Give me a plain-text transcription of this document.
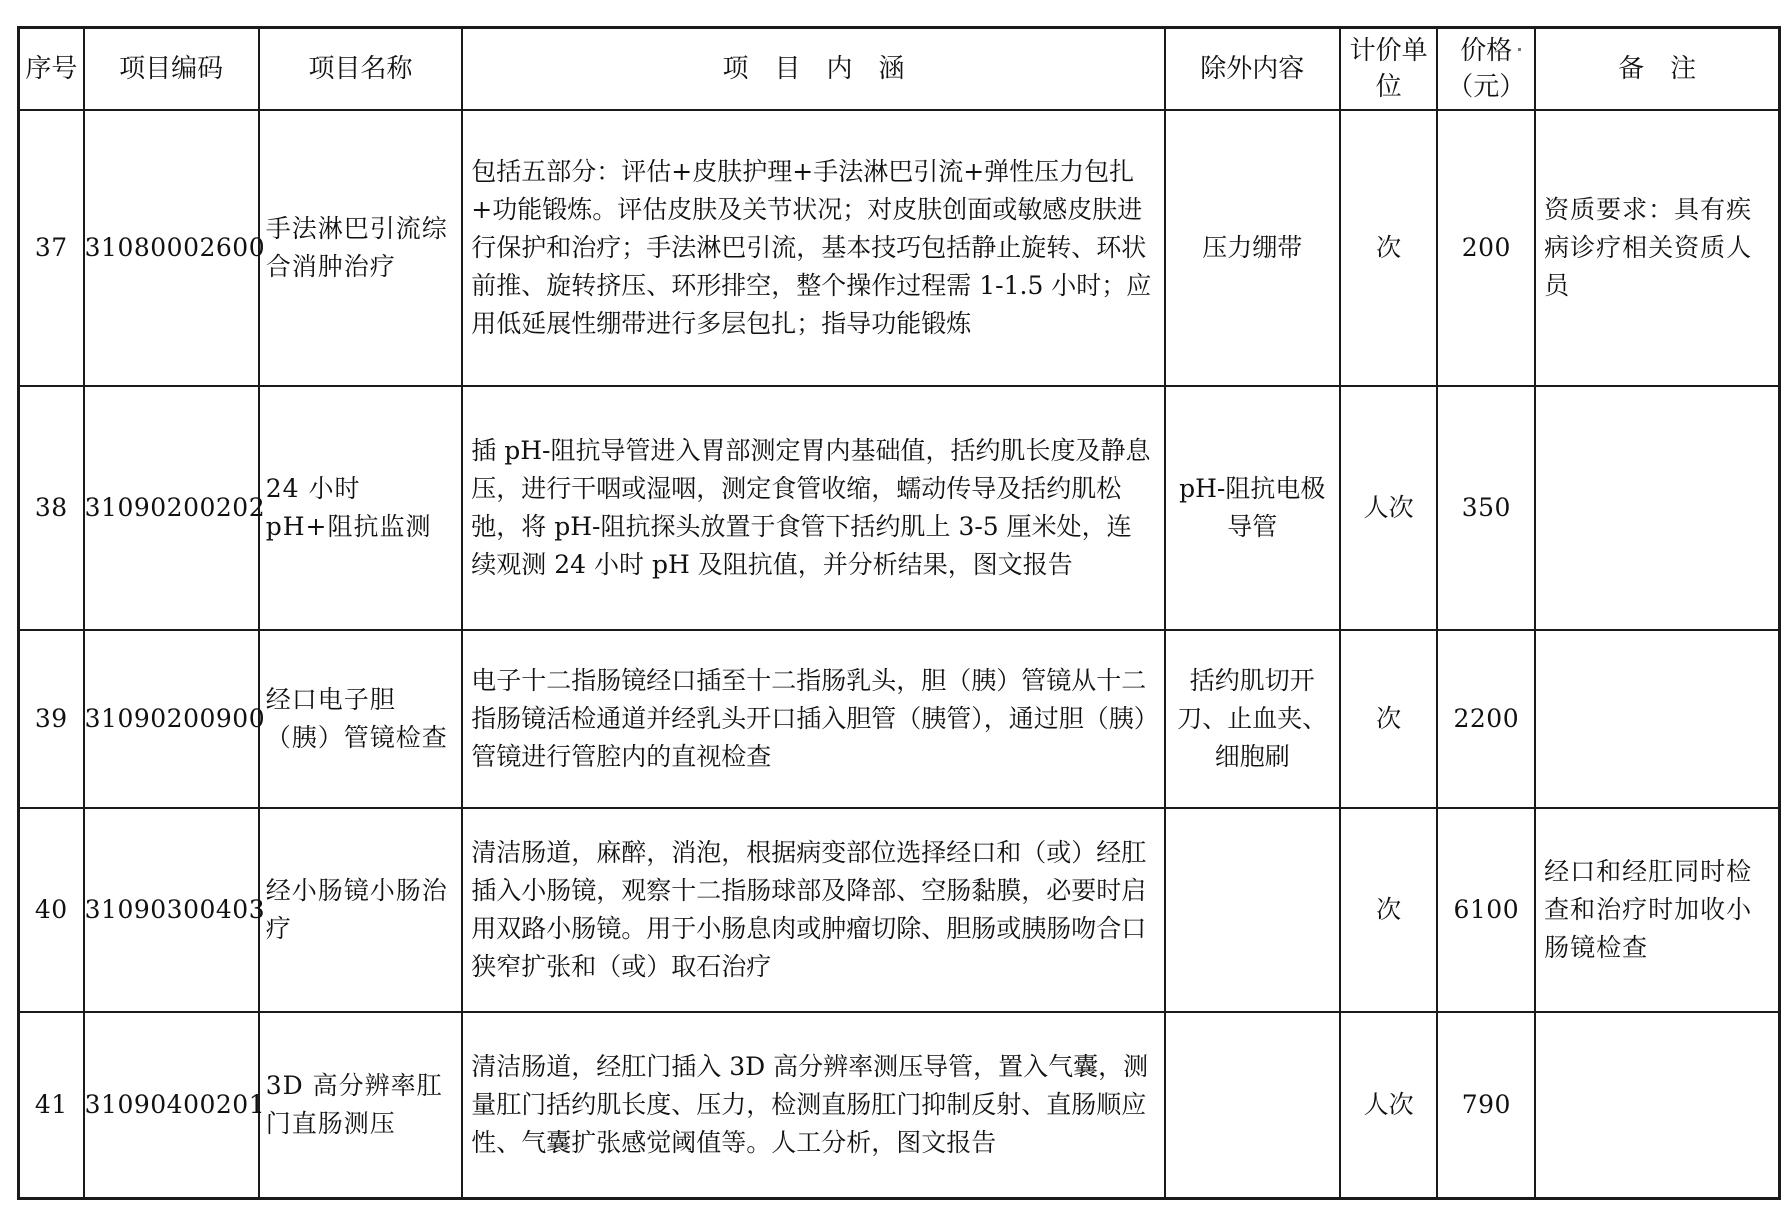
序号	项目编码	项目名称	项　目　内　涵	除外内容	计价单位	价格（元）	备　注
37	31080002600	手法淋巴引流综合消肿治疗	包括五部分：评估+皮肤护理+手法淋巴引流+弹性压力包扎+功能锻炼。评估皮肤及关节状况；对皮肤创面或敏感皮肤进行保护和治疗；手法淋巴引流，基本技巧包括静止旋转、环状前推、旋转挤压、环形排空，整个操作过程需 1-1.5 小时；应用低延展性绷带进行多层包扎；指导功能锻炼	压力绷带	次	200	资质要求：具有疾病诊疗相关资质人员
38	31090200202	24 小时 pH+阻抗监测	插 pH-阻抗导管进入胃部测定胃内基础值，括约肌长度及静息压，进行干咽或湿咽，测定食管收缩，蠕动传导及括约肌松弛，将 pH-阻抗探头放置于食管下括约肌上 3-5 厘米处，连续观测 24 小时 pH 及阻抗值，并分析结果，图文报告	pH-阻抗电极导管	人次	350	
39	31090200900	经口电子胆（胰）管镜检查	电子十二指肠镜经口插至十二指肠乳头，胆（胰）管镜从十二指肠镜活检通道并经乳头开口插入胆管（胰管），通过胆（胰）管镜进行管腔内的直视检查	括约肌切开刀、止血夹、细胞刷	次	2200	
40	31090300403	经小肠镜小肠治疗	清洁肠道，麻醉，消泡，根据病变部位选择经口和（或）经肛插入小肠镜，观察十二指肠球部及降部、空肠黏膜，必要时启用双路小肠镜。用于小肠息肉或肿瘤切除、胆肠或胰肠吻合口狭窄扩张和（或）取石治疗		次	6100	经口和经肛同时检查和治疗时加收小肠镜检查
41	31090400201	3D 高分辨率肛门直肠测压	清洁肠道，经肛门插入 3D 高分辨率测压导管，置入气囊，测量肛门括约肌长度、压力，检测直肠肛门抑制反射、直肠顺应性、气囊扩张感觉阈值等。人工分析，图文报告		人次	790	
